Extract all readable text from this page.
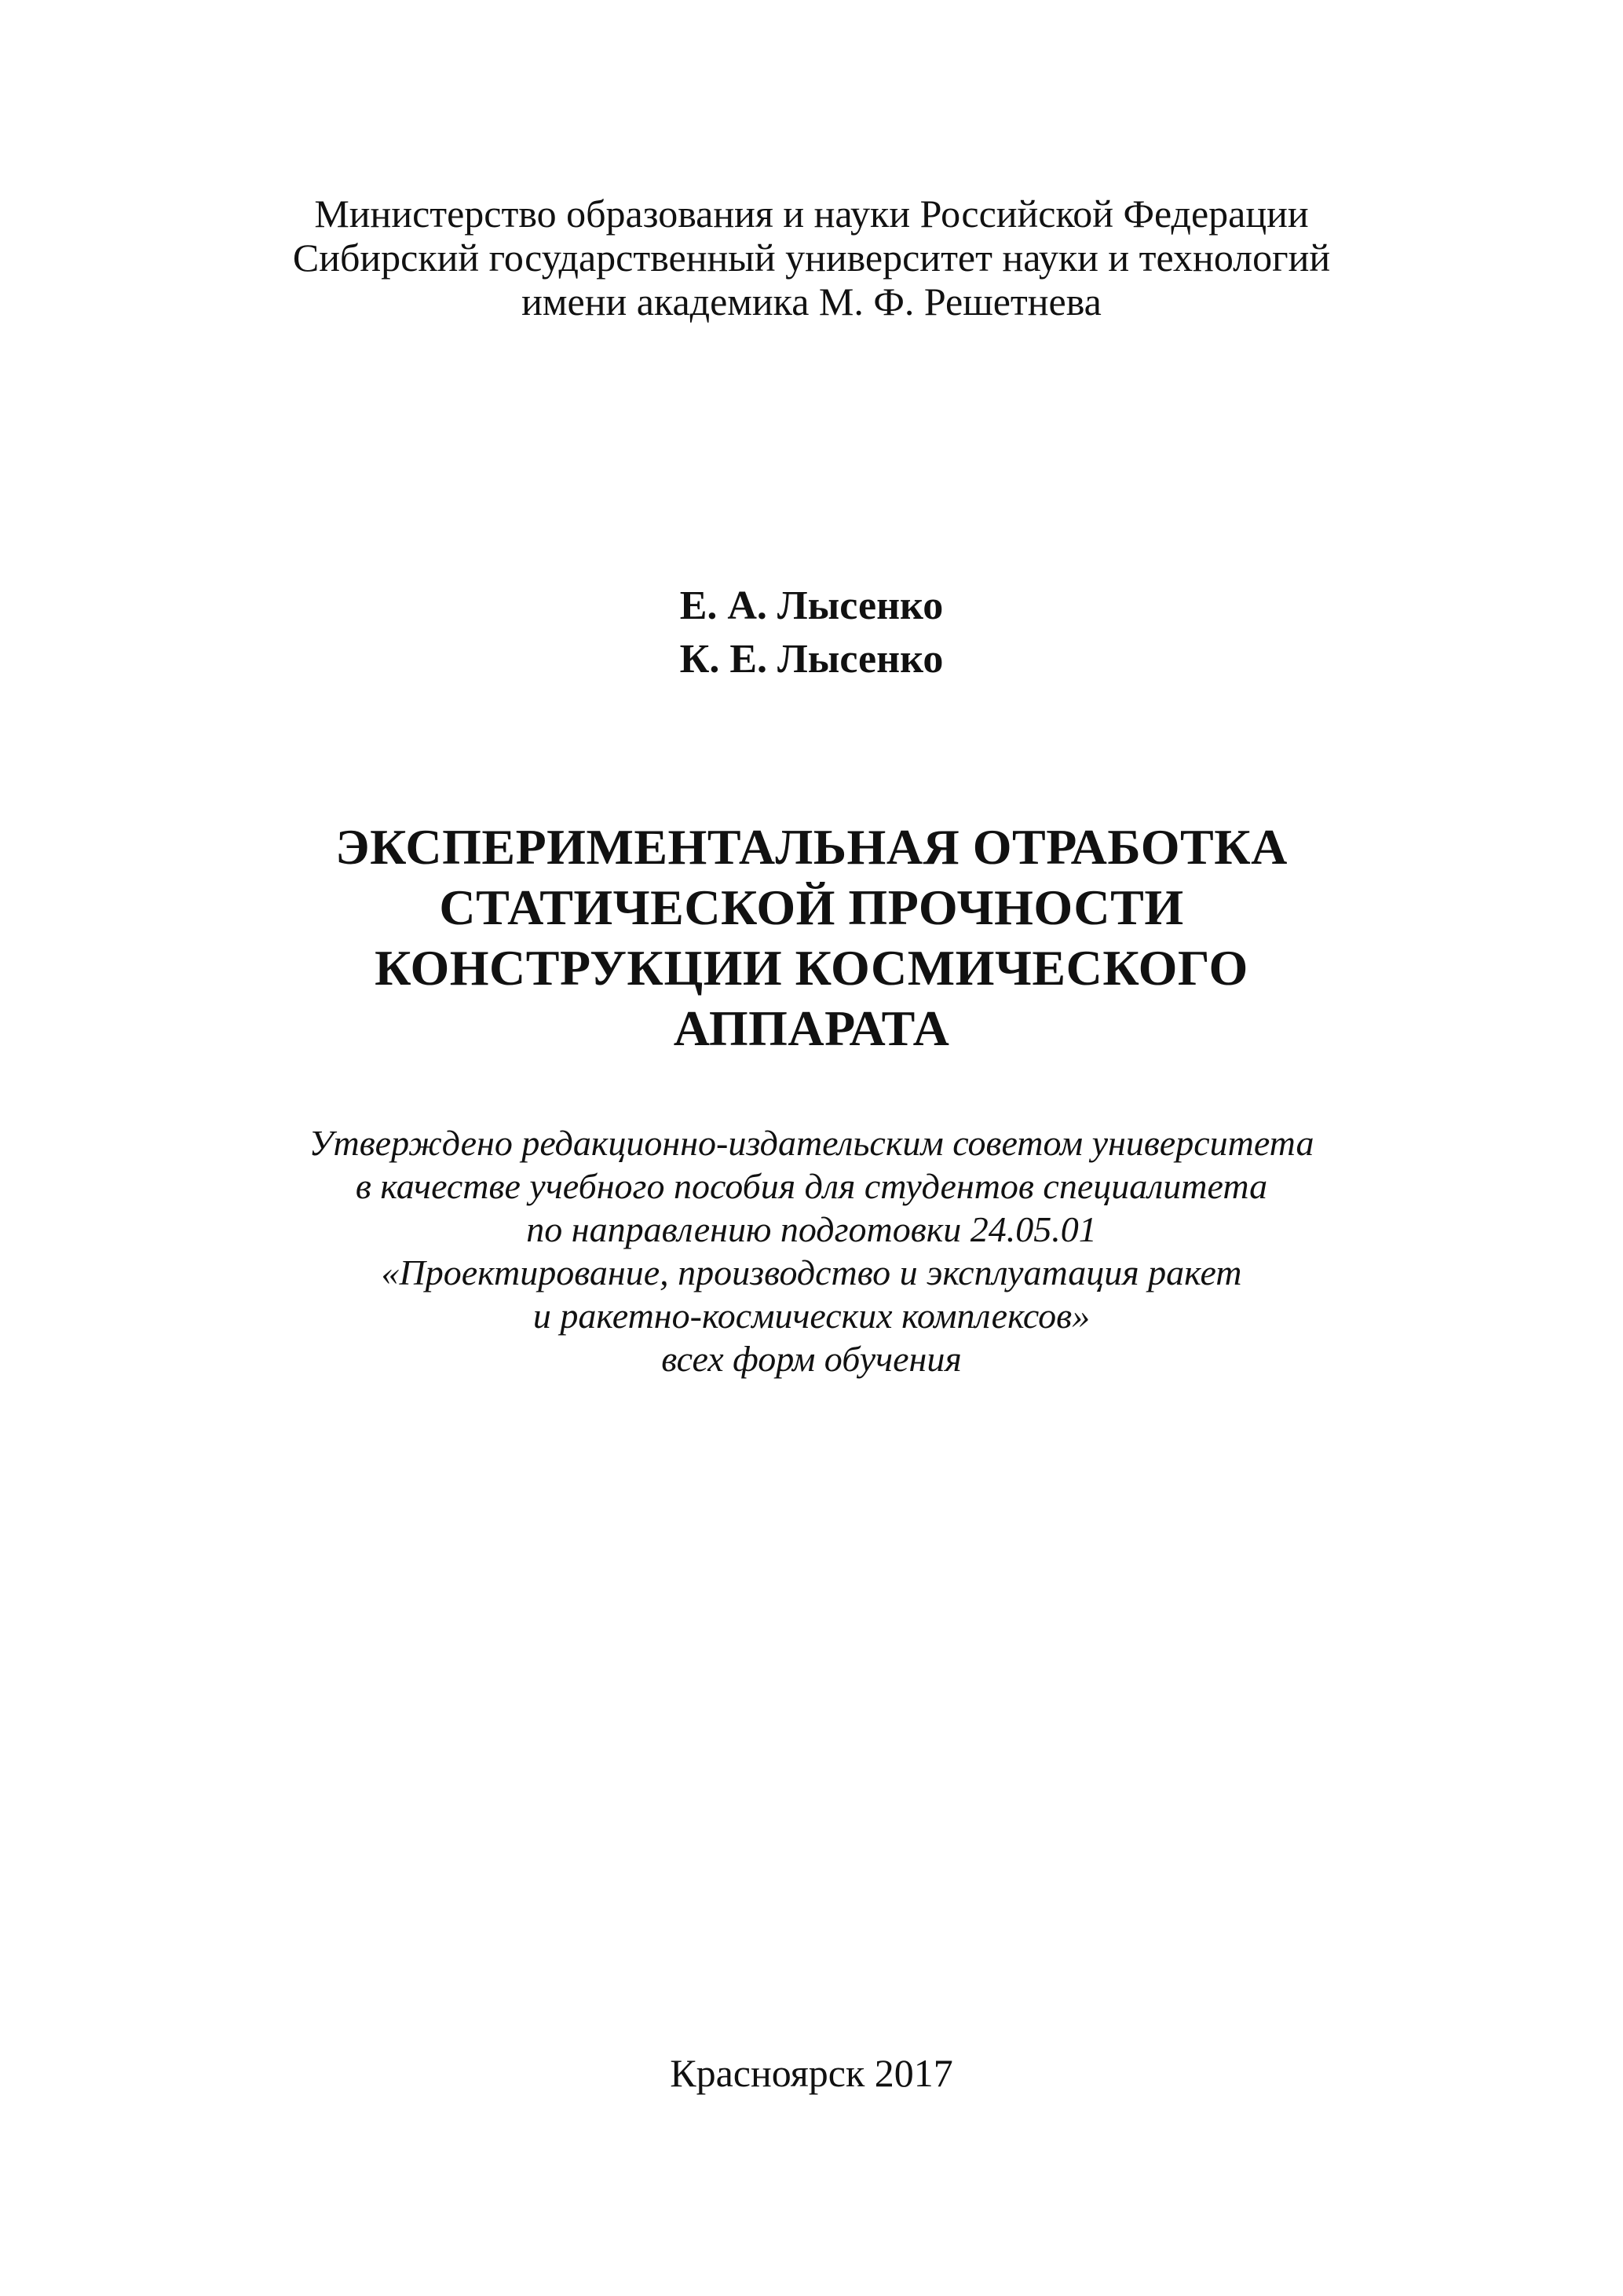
Министерство образования и науки Российской Федерации
Сибирский государственный университет науки и технологий
имени академика М. Ф. Решетнева
Е. А. Лысенко
К. Е. Лысенко
ЭКСПЕРИМЕНТАЛЬНАЯ ОТРАБОТКА
СТАТИЧЕСКОЙ ПРОЧНОСТИ
КОНСТРУКЦИИ КОСМИЧЕСКОГО
АППАРАТА
Утверждено редакционно-издательским советом университета
в качестве учебного пособия для студентов специалитета
по направлению подготовки 24.05.01
«Проектирование, производство и эксплуатация ракет
и ракетно-космических комплексов»
всех форм обучения
Красноярск 2017
